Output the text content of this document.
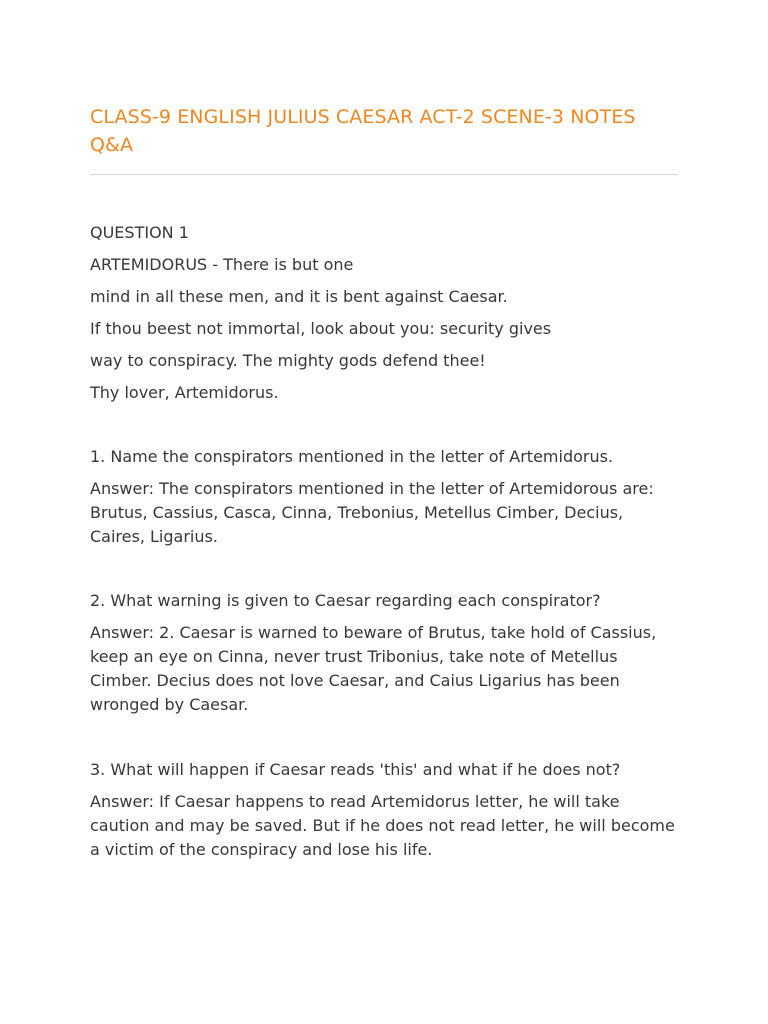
CLASS-9 ENGLISH JULIUS CAESAR ACT-2 SCENE-3 NOTES Q&A

QUESTION 1

ARTEMIDORUS - There is but one

mind in all these men, and it is bent against Caesar.

If thou beest not immortal, look about you: security gives

way to conspiracy. The mighty gods defend thee!

Thy lover, Artemidorus.

1. Name the conspirators mentioned in the letter of Artemidorus.

Answer: The conspirators mentioned in the letter of Artemidorous are: Brutus, Cassius, Casca, Cinna, Trebonius, Metellus Cimber, Decius, Caires, Ligarius.

2. What warning is given to Caesar regarding each conspirator?

Answer: 2. Caesar is warned to beware of Brutus, take hold of Cassius, keep an eye on Cinna, never trust Tribonius, take note of Metellus Cimber. Decius does not love Caesar, and Caius Ligarius has been wronged by Caesar.

3. What will happen if Caesar reads 'this' and what if he does not?

Answer: If Caesar happens to read Artemidorus letter, he will take caution and may be saved. But if he does not read letter, he will become a victim of the conspiracy and lose his life.
